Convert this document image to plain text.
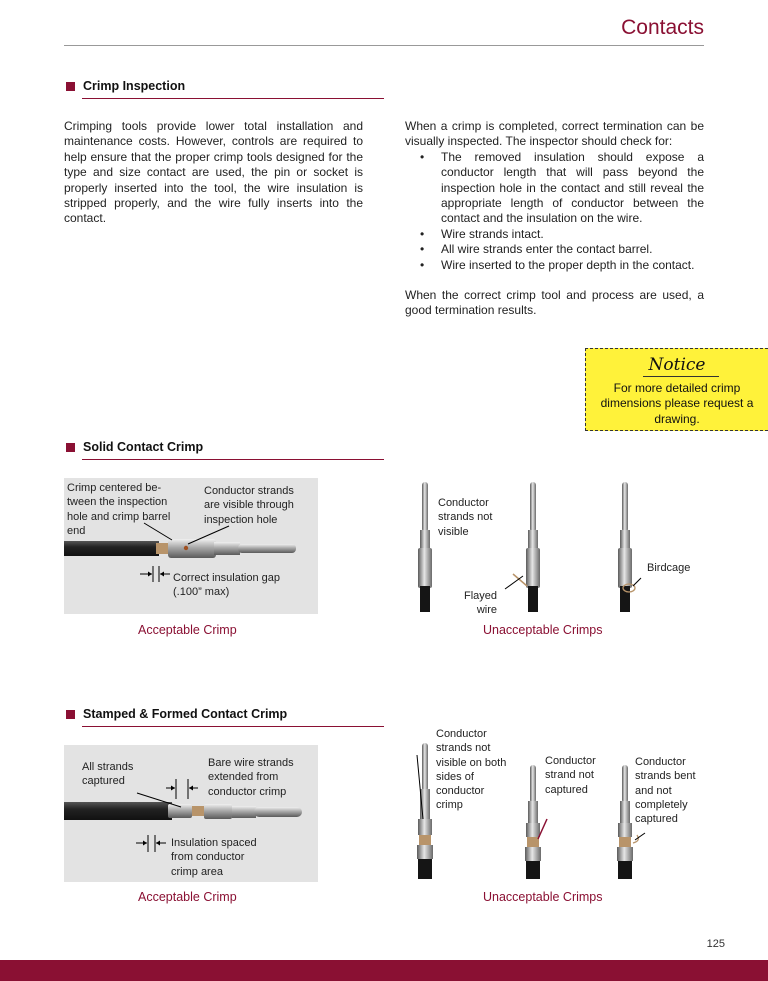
Contacts
Crimp Inspection
Crimping tools provide lower total installation and maintenance costs. However, controls are required to help ensure that the proper crimp tools designed for the type and size contact are used, the pin or socket is properly inserted into the tool, the wire insulation is stripped properly, and the wire fully inserts into the contact.
When a crimp is completed, correct termination can be visually inspected. The inspector should check for:
• The removed insulation should expose a conductor length that will pass beyond the inspection hole in the contact and still reveal the appropriate length of conductor between the contact and the insulation on the wire.
• Wire strands intact.
• All wire strands enter the contact barrel.
• Wire inserted to the proper depth in the contact.
When the correct crimp tool and process are used, a good termination results.
Notice
For more detailed crimp dimensions please request a drawing.
Solid Contact Crimp
Crimp centered be- tween the inspection hole and crimp barrel end
Conductor strands are visible through inspection hole
Correct insulation gap (.100” max)
Acceptable Crimp
Conductor strands not visible
Flayed wire
Birdcage
Unacceptable Crimps
Stamped & Formed Contact Crimp
All strands captured
Bare wire strands extended from conductor crimp
Insulation spaced from conductor crimp area
Acceptable Crimp
Conductor strands not visible on both sides of conductor crimp
Conductor strand not captured
Conductor strands bent and not completely captured
Unacceptable Crimps
125
